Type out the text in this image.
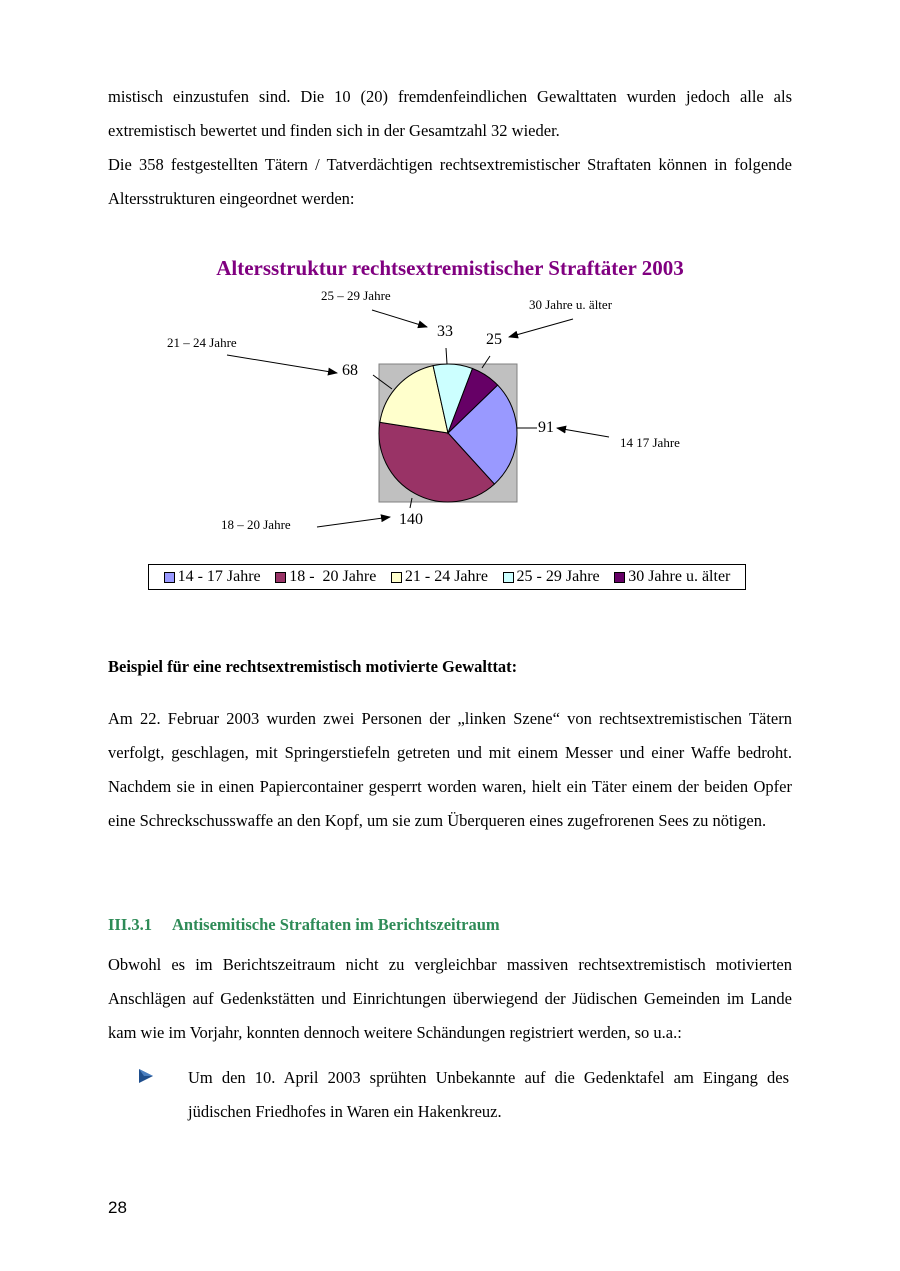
mistisch einzustufen sind. Die 10 (20) fremdenfeindlichen Gewalttaten wurden jedoch alle als extremistisch bewertet und finden sich in der Gesamtzahl 32 wieder.

Die 358 festgestellten Tätern / Tatverdächtigen rechtsextremistischer Straftaten können in folgende Altersstrukturen eingeordnet werden:

Altersstruktur rechtsextremistischer Straftäter 2003
14 17 Jahre
18 – 20 Jahre
21 – 24 Jahre
25 – 29 Jahre
30 Jahre u. älter
91
140
68
33 25
14 - 17 Jahre 18 -  20 Jahre 21 - 24 Jahre 25 - 29 Jahre 30 Jahre u. älter

Beispiel für eine rechtsextremistisch motivierte Gewalttat:

Am 22. Februar 2003 wurden zwei Personen der „linken Szene“ von rechtsextremistischen Tätern verfolgt, geschlagen, mit Springerstiefeln getreten und mit einem Messer und einer Waffe bedroht. Nachdem sie in einen Papiercontainer gesperrt worden waren, hielt ein Täter einem der beiden Opfer eine Schreckschusswaffe an den Kopf, um sie zum Überqueren eines zugefrorenen Sees zu nötigen.

III.3.1 Antisemitische Straftaten im Berichtszeitraum

Obwohl es im Berichtszeitraum nicht zu vergleichbar massiven rechtsextremistisch motivierten Anschlägen auf Gedenkstätten und Einrichtungen überwiegend der Jüdischen Gemeinden im Lande kam wie im Vorjahr, konnten dennoch weitere Schändungen registriert werden, so u.a.:

Um den 10. April 2003 sprühten Unbekannte auf die Gedenktafel am Eingang des jüdischen Friedhofes in Waren ein Hakenkreuz.

28
